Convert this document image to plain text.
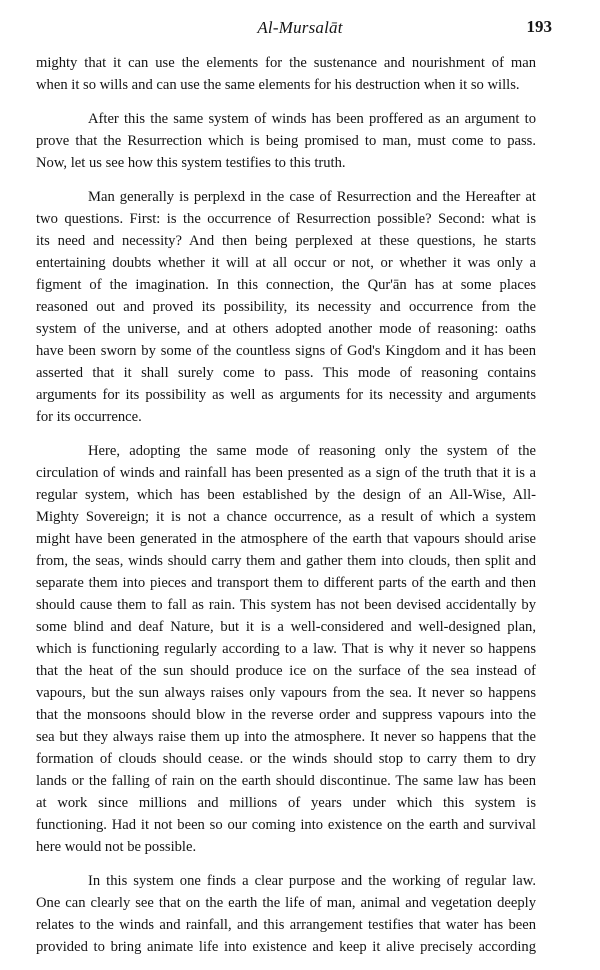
Al-Mursalāt	193
mighty that it can use the elements for the sustenance and nourishment of man
when it so wills and can use the same elements for his destruction when it so wills.
After this the same system of winds has been proffered as an argument to
prove that the Resurrection which is being promised to man, must come to pass.
Now, let us see how this system testifies to this truth.
Man generally is perplexd in the case of Resurrection and the Hereafter at
two questions. First: is the occurrence of Resurrection possible? Second: what is
its need and necessity? And then being perplexed at these questions, he starts
entertaining doubts whether it will at all occur or not, or whether it was only a
figment of the imagination. In this connection, the Qur'ān has at some places
reasoned out and proved its possibility, its necessity and occurrence from the
system of the universe, and at others adopted another mode of reasoning: oaths
have been sworn by some of the countless signs of God's Kingdom and it has been
asserted that it shall surely come to pass. This mode of reasoning contains
arguments for its possibility as well as arguments for its necessity and arguments
for its occurrence.
Here, adopting the same mode of reasoning only the system of the
circulation of winds and rainfall has been presented as a sign of the truth that it is a
regular system, which has been established by the design of an All-Wise, All-
Mighty Sovereign; it is not a chance occurrence, as a result of which a system
might have been generated in the atmosphere of the earth that vapours should arise
from, the seas, winds should carry them and gather them into clouds, then split and
separate them into pieces and transport them to different parts of the earth and then
should cause them to fall as rain. This system has not been devised accidentally by
some blind and deaf Nature, but it is a well-considered and well-designed plan,
which is functioning regularly according to a law. That is why it never so happens
that the heat of the sun should produce ice on the surface of the sea instead of
vapours, but the sun always raises only vapours from the sea. It never so happens
that the monsoons should blow in the reverse order and suppress vapours into the
sea but they always raise them up into the atmosphere. It never so happens that the
formation of clouds should cease. or the winds should stop to carry them to dry
lands or the falling of rain on the earth should discontinue. The same law has been
at work since millions and millions of years under which this system is
functioning. Had it not been so our coming into existence on the earth and survival
here would not be possible.
In this system one finds a clear purpose and the working of regular law.
One can clearly see that on the earth the life of man, animal and vegetation deeply
relates to the winds and rainfall, and this arrangement testifies that water has been
provided to bring animate life into existence and keep it alive precisely according
